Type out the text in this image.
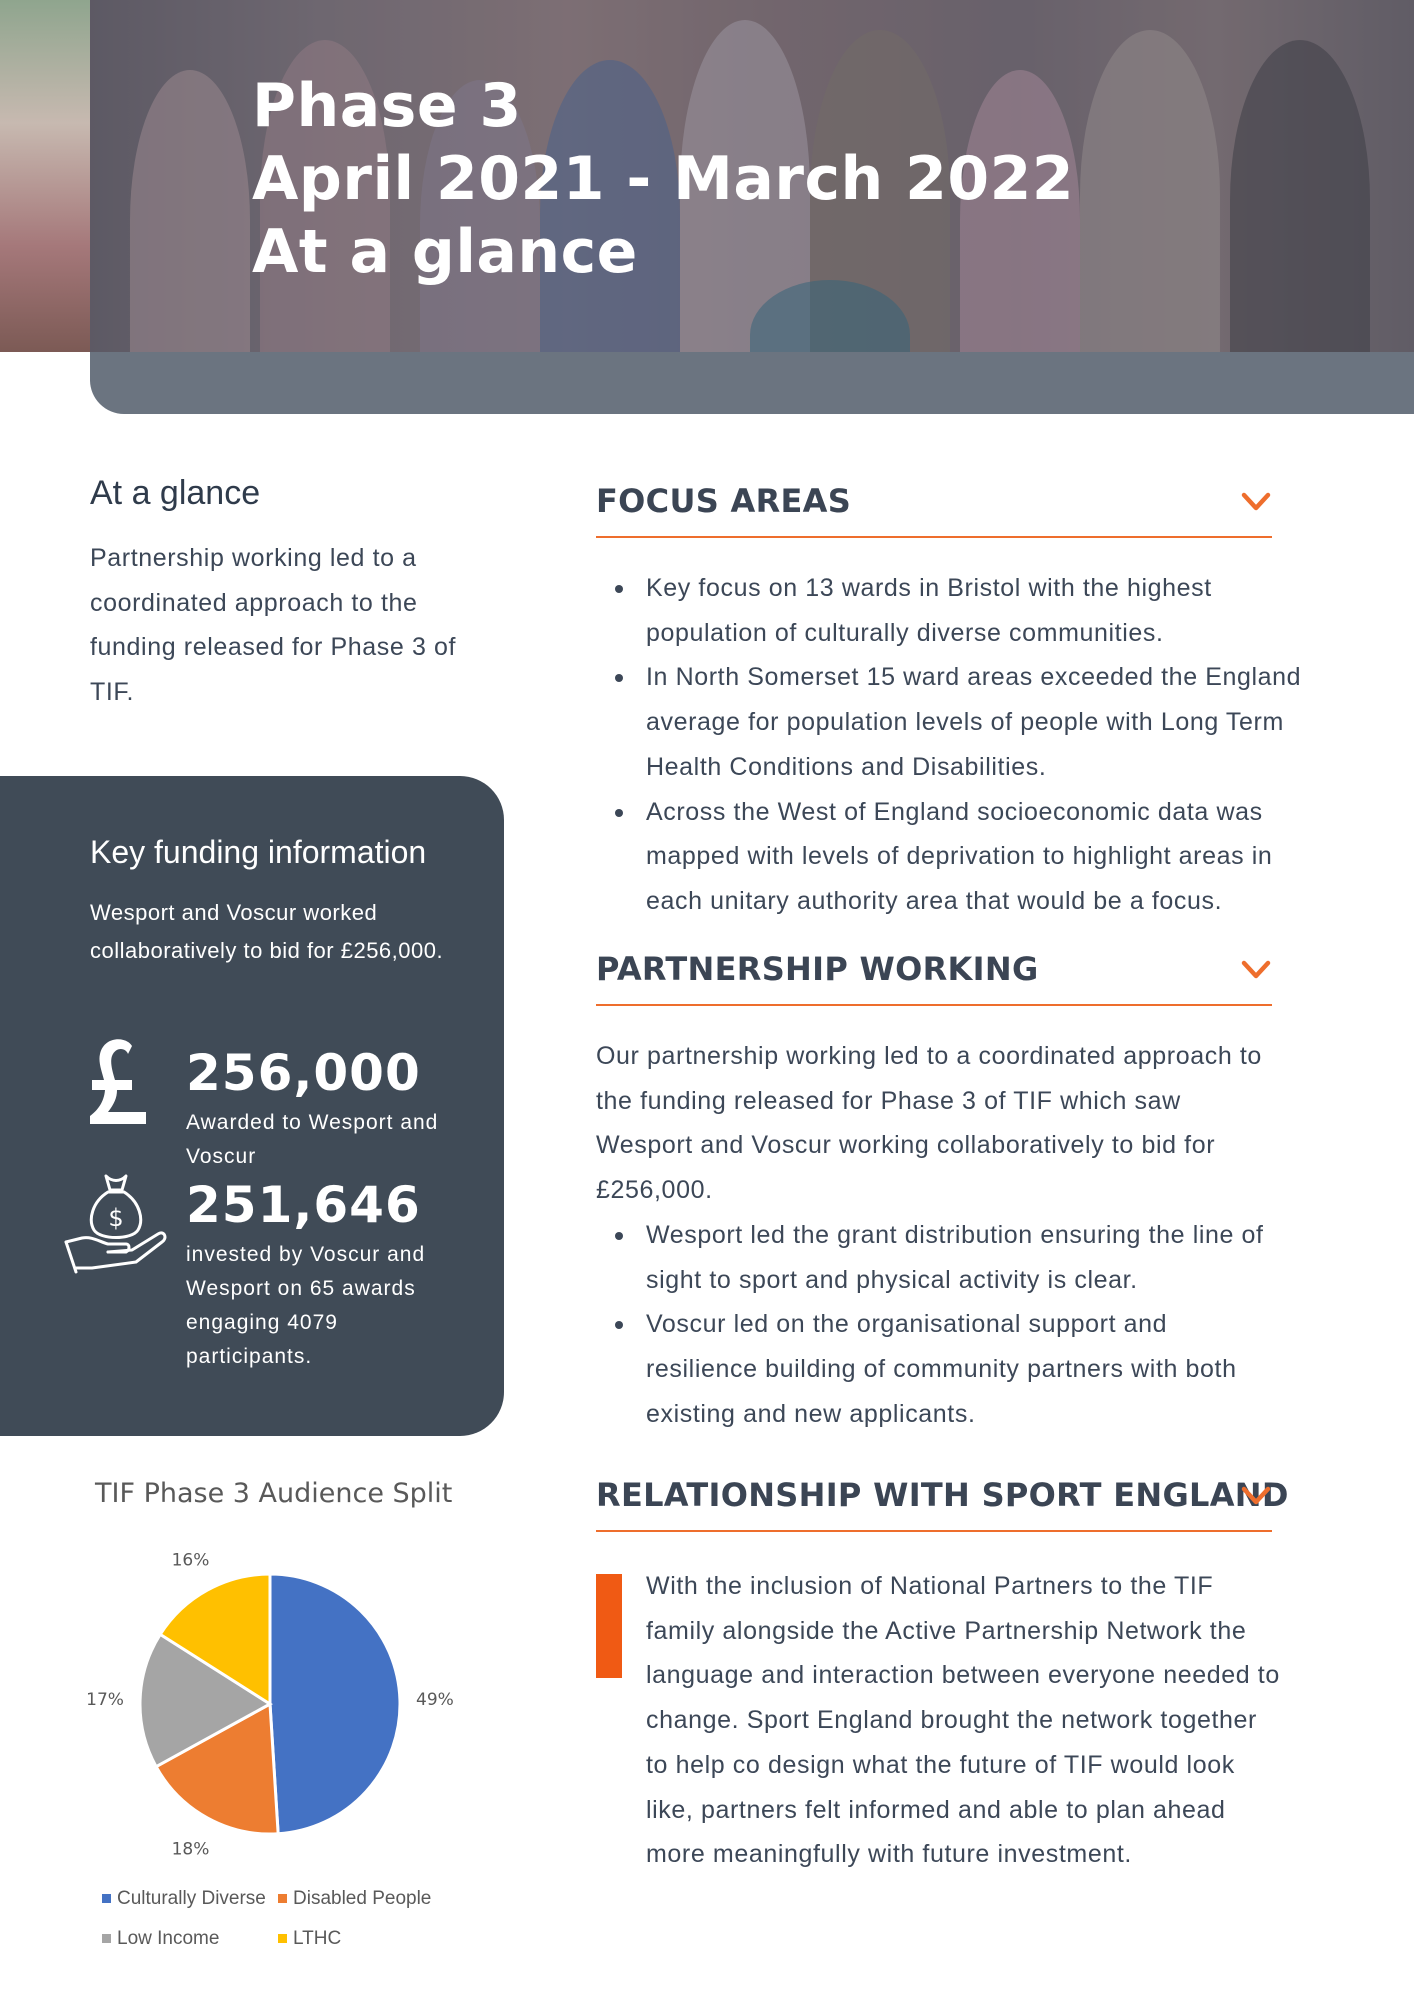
Phase 3
April 2021 - March 2022
At a glance
At a glance
Partnership working led to a coordinated approach to the funding released for Phase 3 of TIF.
Key funding information
Wesport and Voscur worked collaboratively to bid for £256,000.
$
256,000
Awarded to Wesport and Voscur
251,646
invested by Voscur and Wesport on 65 awards engaging 4079 participants.
TIF Phase 3 Audience Split
49%
18%
17%
16%
Culturally Diverse Disabled People
Low Income	LTHC
FOCUS AREAS
Key focus on 13 wards in Bristol with the highest population of culturally diverse communities.
In North Somerset 15 ward areas exceeded the England average for population levels of people with Long Term Health Conditions and Disabilities.
Across the West of England socioeconomic data was mapped with levels of deprivation to highlight areas in each unitary authority area that would be a focus.
PARTNERSHIP WORKING
Our partnership working led to a coordinated approach to the funding released for Phase 3 of TIF which saw Wesport and Voscur working collaboratively to bid for £256,000.
Wesport led the grant distribution ensuring the line of sight to sport and physical activity is clear.
Voscur led on the organisational support and resilience building of community partners with both existing and new applicants.
RELATIONSHIP WITH SPORT ENGLAND
With the inclusion of National Partners to the TIF family alongside the Active Partnership Network the language and interaction between everyone needed to change. Sport England brought the network together to help co design what the future of TIF would look like, partners felt informed and able to plan ahead more meaningfully with future investment.
